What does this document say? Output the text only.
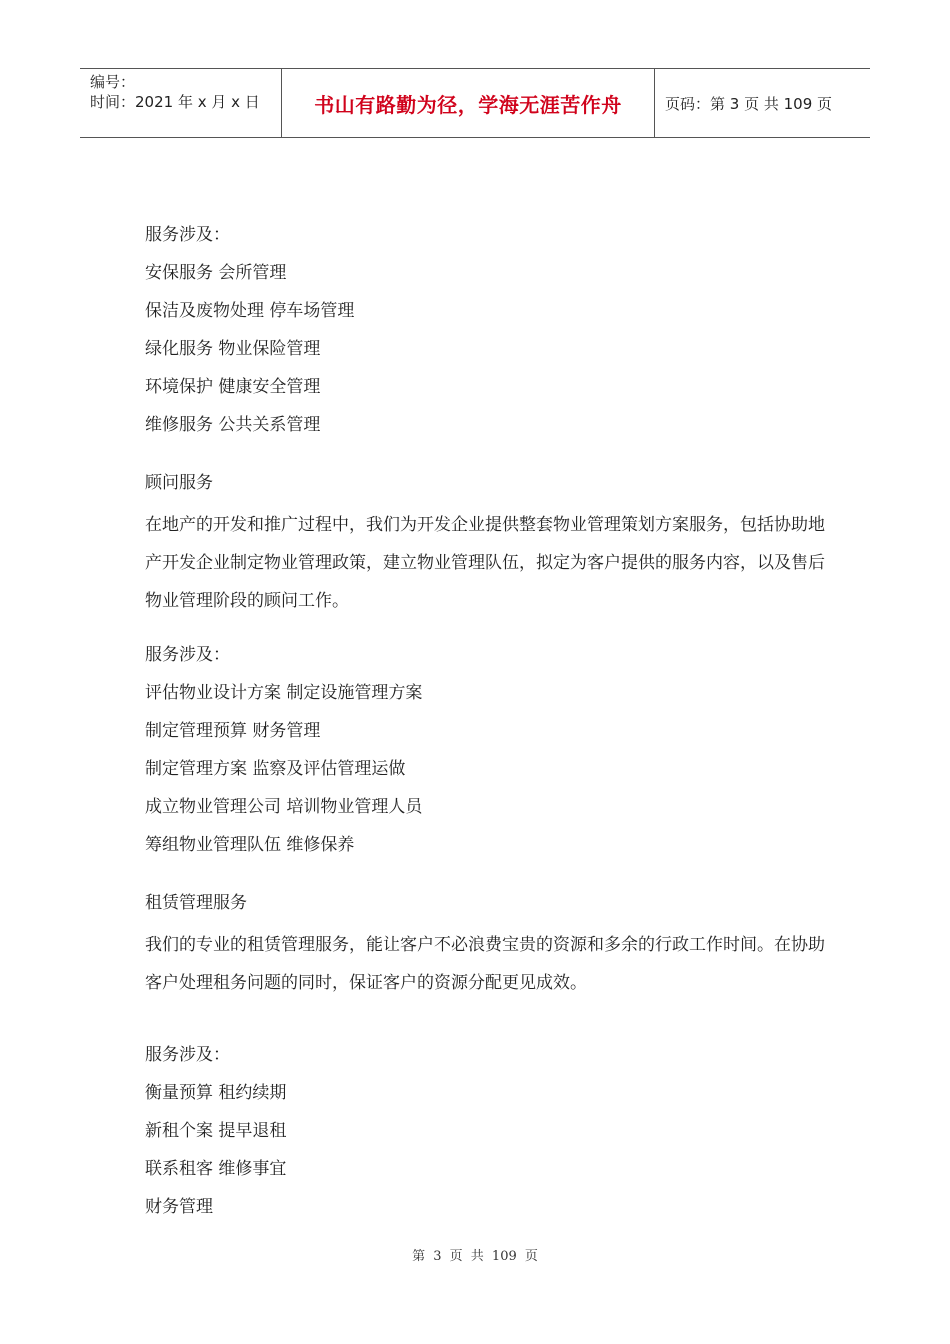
编号：
时间：2021 年 x 月 x 日	书山有路勤为径，学海无涯苦作舟	页码：第 3 页 共 109 页
服务涉及：
安保服务 会所管理
保洁及废物处理 停车场管理
绿化服务 物业保险管理
环境保护 健康安全管理
维修服务 公共关系管理
顾问服务
在地产的开发和推广过程中，我们为开发企业提供整套物业管理策划方案服务，包括协助地产开发企业制定物业管理政策，建立物业管理队伍，拟定为客户提供的服务内容，以及售后物业管理阶段的顾问工作。
服务涉及：
评估物业设计方案 制定设施管理方案
制定管理预算 财务管理
制定管理方案 监察及评估管理运做
成立物业管理公司 培训物业管理人员
筹组物业管理队伍 维修保养
租赁管理服务
我们的专业的租赁管理服务，能让客户不必浪费宝贵的资源和多余的行政工作时间。在协助客户处理租务问题的同时，保证客户的资源分配更见成效。
服务涉及：
衡量预算 租约续期
新租个案 提早退租
联系租客 维修事宜
财务管理
第 3 页 共 109 页
